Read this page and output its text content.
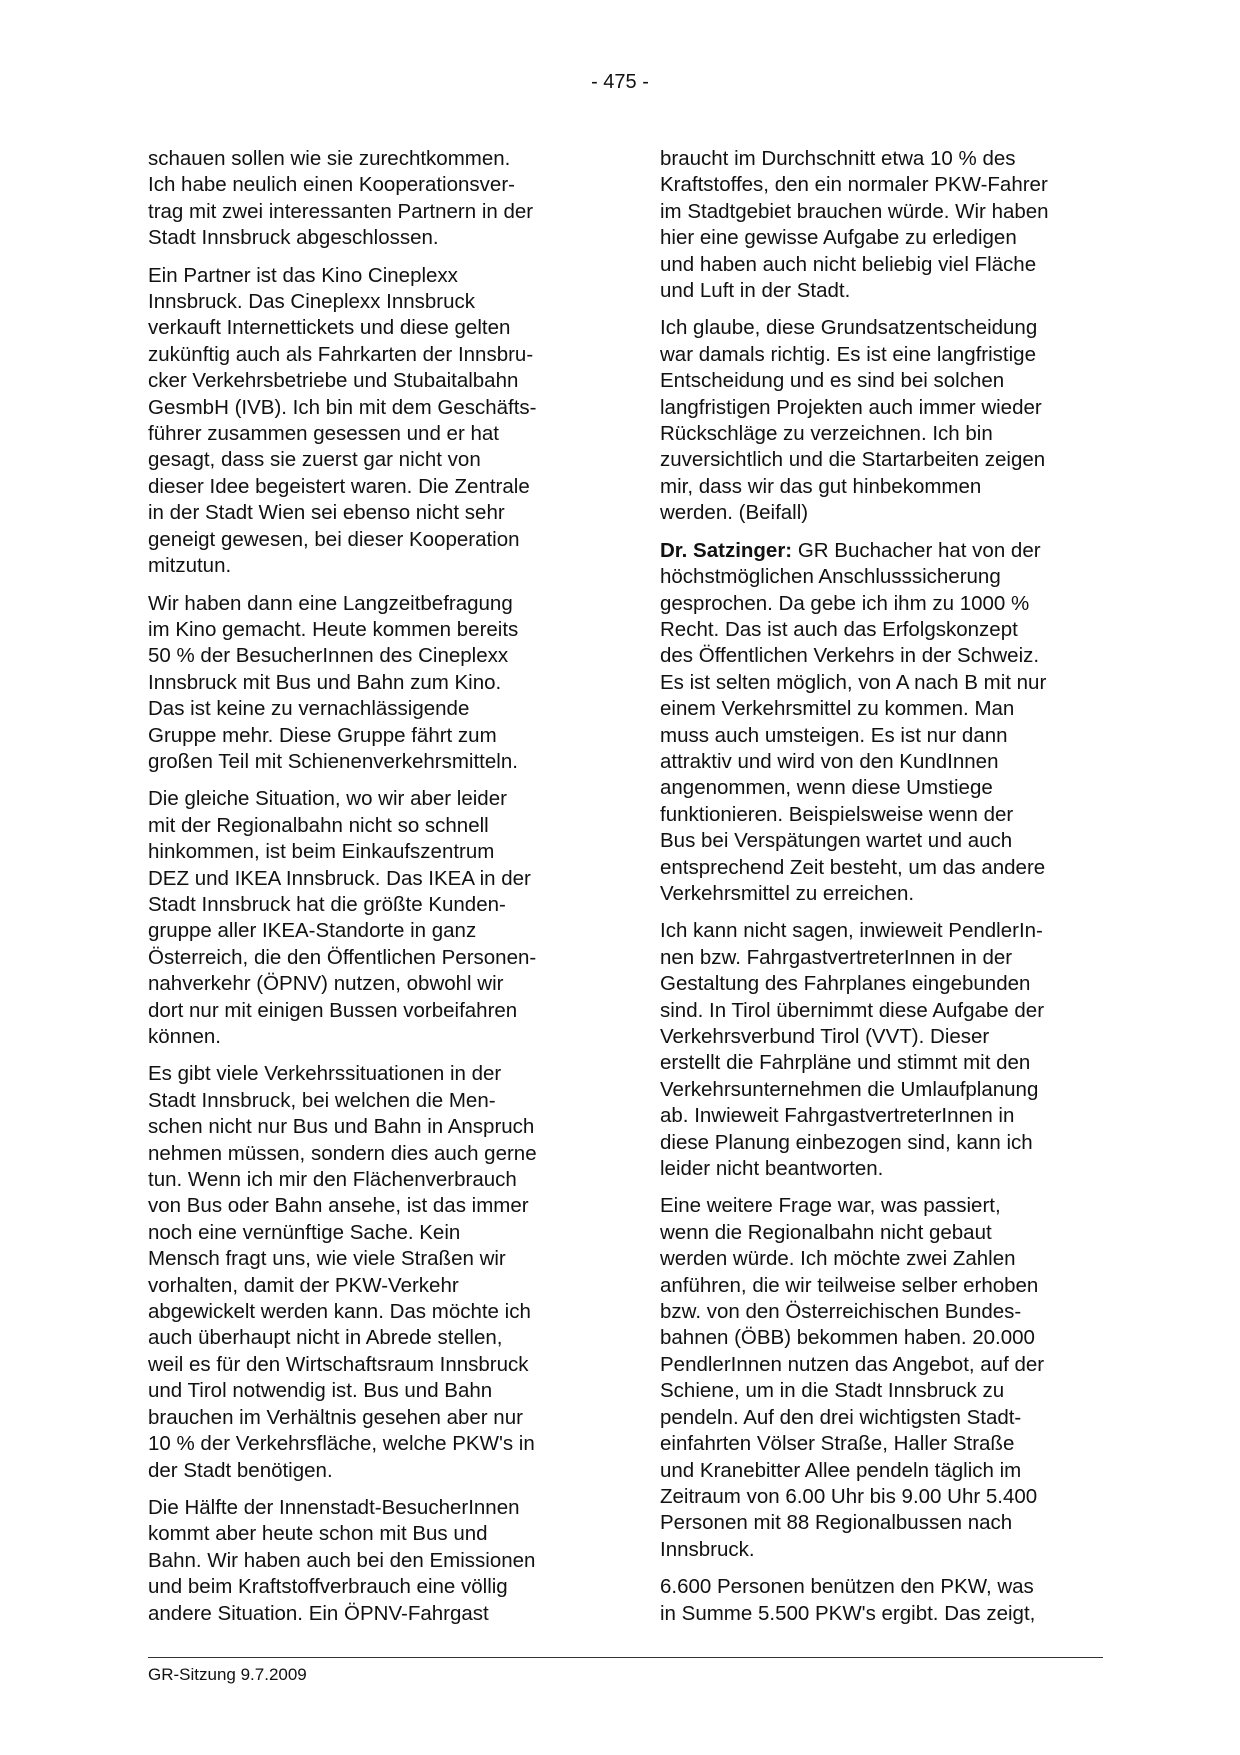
- 475 -

schauen sollen wie sie zurechtkommen.
Ich habe neulich einen Kooperationsver-
trag mit zwei interessanten Partnern in der
Stadt Innsbruck abgeschlossen.

Ein Partner ist das Kino Cineplexx
Innsbruck. Das Cineplexx Innsbruck
verkauft Internettickets und diese gelten
zukünftig auch als Fahrkarten der Innsbru-
cker Verkehrsbetriebe und Stubaitalbahn
GesmbH (IVB). Ich bin mit dem Geschäfts-
führer zusammen gesessen und er hat
gesagt, dass sie zuerst gar nicht von
dieser Idee begeistert waren. Die Zentrale
in der Stadt Wien sei ebenso nicht sehr
geneigt gewesen, bei dieser Kooperation
mitzutun.

Wir haben dann eine Langzeitbefragung
im Kino gemacht. Heute kommen bereits
50 % der BesucherInnen des Cineplexx
Innsbruck mit Bus und Bahn zum Kino.
Das ist keine zu vernachlässigende
Gruppe mehr. Diese Gruppe fährt zum
großen Teil mit Schienenverkehrsmitteln.

Die gleiche Situation, wo wir aber leider
mit der Regionalbahn nicht so schnell
hinkommen, ist beim Einkaufszentrum
DEZ und IKEA Innsbruck. Das IKEA in der
Stadt Innsbruck hat die größte Kunden-
gruppe aller IKEA-Standorte in ganz
Österreich, die den Öffentlichen Personen-
nahverkehr (ÖPNV) nutzen, obwohl wir
dort nur mit einigen Bussen vorbeifahren
können.

Es gibt viele Verkehrssituationen in der
Stadt Innsbruck, bei welchen die Men-
schen nicht nur Bus und Bahn in Anspruch
nehmen müssen, sondern dies auch gerne
tun. Wenn ich mir den Flächenverbrauch
von Bus oder Bahn ansehe, ist das immer
noch eine vernünftige Sache. Kein
Mensch fragt uns, wie viele Straßen wir
vorhalten, damit der PKW-Verkehr
abgewickelt werden kann. Das möchte ich
auch überhaupt nicht in Abrede stellen,
weil es für den Wirtschaftsraum Innsbruck
und Tirol notwendig ist. Bus und Bahn
brauchen im Verhältnis gesehen aber nur
10 % der Verkehrsfläche, welche PKW's in
der Stadt benötigen.

Die Hälfte der Innenstadt-BesucherInnen
kommt aber heute schon mit Bus und
Bahn. Wir haben auch bei den Emissionen
und beim Kraftstoffverbrauch eine völlig
andere Situation. Ein ÖPNV-Fahrgast

braucht im Durchschnitt etwa 10 % des
Kraftstoffes, den ein normaler PKW-Fahrer
im Stadtgebiet brauchen würde. Wir haben
hier eine gewisse Aufgabe zu erledigen
und haben auch nicht beliebig viel Fläche
und Luft in der Stadt.

Ich glaube, diese Grundsatzentscheidung
war damals richtig. Es ist eine langfristige
Entscheidung und es sind bei solchen
langfristigen Projekten auch immer wieder
Rückschläge zu verzeichnen. Ich bin
zuversichtlich und die Startarbeiten zeigen
mir, dass wir das gut hinbekommen
werden. (Beifall)

Dr. Satzinger: GR Buchacher hat von der
höchstmöglichen Anschlusssicherung
gesprochen. Da gebe ich ihm zu 1000 %
Recht. Das ist auch das Erfolgskonzept
des Öffentlichen Verkehrs in der Schweiz.
Es ist selten möglich, von A nach B mit nur
einem Verkehrsmittel zu kommen. Man
muss auch umsteigen. Es ist nur dann
attraktiv und wird von den KundInnen
angenommen, wenn diese Umstiege
funktionieren. Beispielsweise wenn der
Bus bei Verspätungen wartet und auch
entsprechend Zeit besteht, um das andere
Verkehrsmittel zu erreichen.

Ich kann nicht sagen, inwieweit PendlerIn-
nen bzw. FahrgastvertreterInnen in der
Gestaltung des Fahrplanes eingebunden
sind. In Tirol übernimmt diese Aufgabe der
Verkehrsverbund Tirol (VVT). Dieser
erstellt die Fahrpläne und stimmt mit den
Verkehrsunternehmen die Umlaufplanung
ab. Inwieweit FahrgastvertreterInnen in
diese Planung einbezogen sind, kann ich
leider nicht beantworten.

Eine weitere Frage war, was passiert,
wenn die Regionalbahn nicht gebaut
werden würde. Ich möchte zwei Zahlen
anführen, die wir teilweise selber erhoben
bzw. von den Österreichischen Bundes-
bahnen (ÖBB) bekommen haben. 20.000
PendlerInnen nutzen das Angebot, auf der
Schiene, um in die Stadt Innsbruck zu
pendeln. Auf den drei wichtigsten Stadt-
einfahrten Völser Straße, Haller Straße
und Kranebitter Allee pendeln täglich im
Zeitraum von 6.00 Uhr bis 9.00 Uhr 5.400
Personen mit 88 Regionalbussen nach
Innsbruck.

6.600 Personen benützen den PKW, was
in Summe 5.500 PKW's ergibt. Das zeigt,

GR-Sitzung 9.7.2009
